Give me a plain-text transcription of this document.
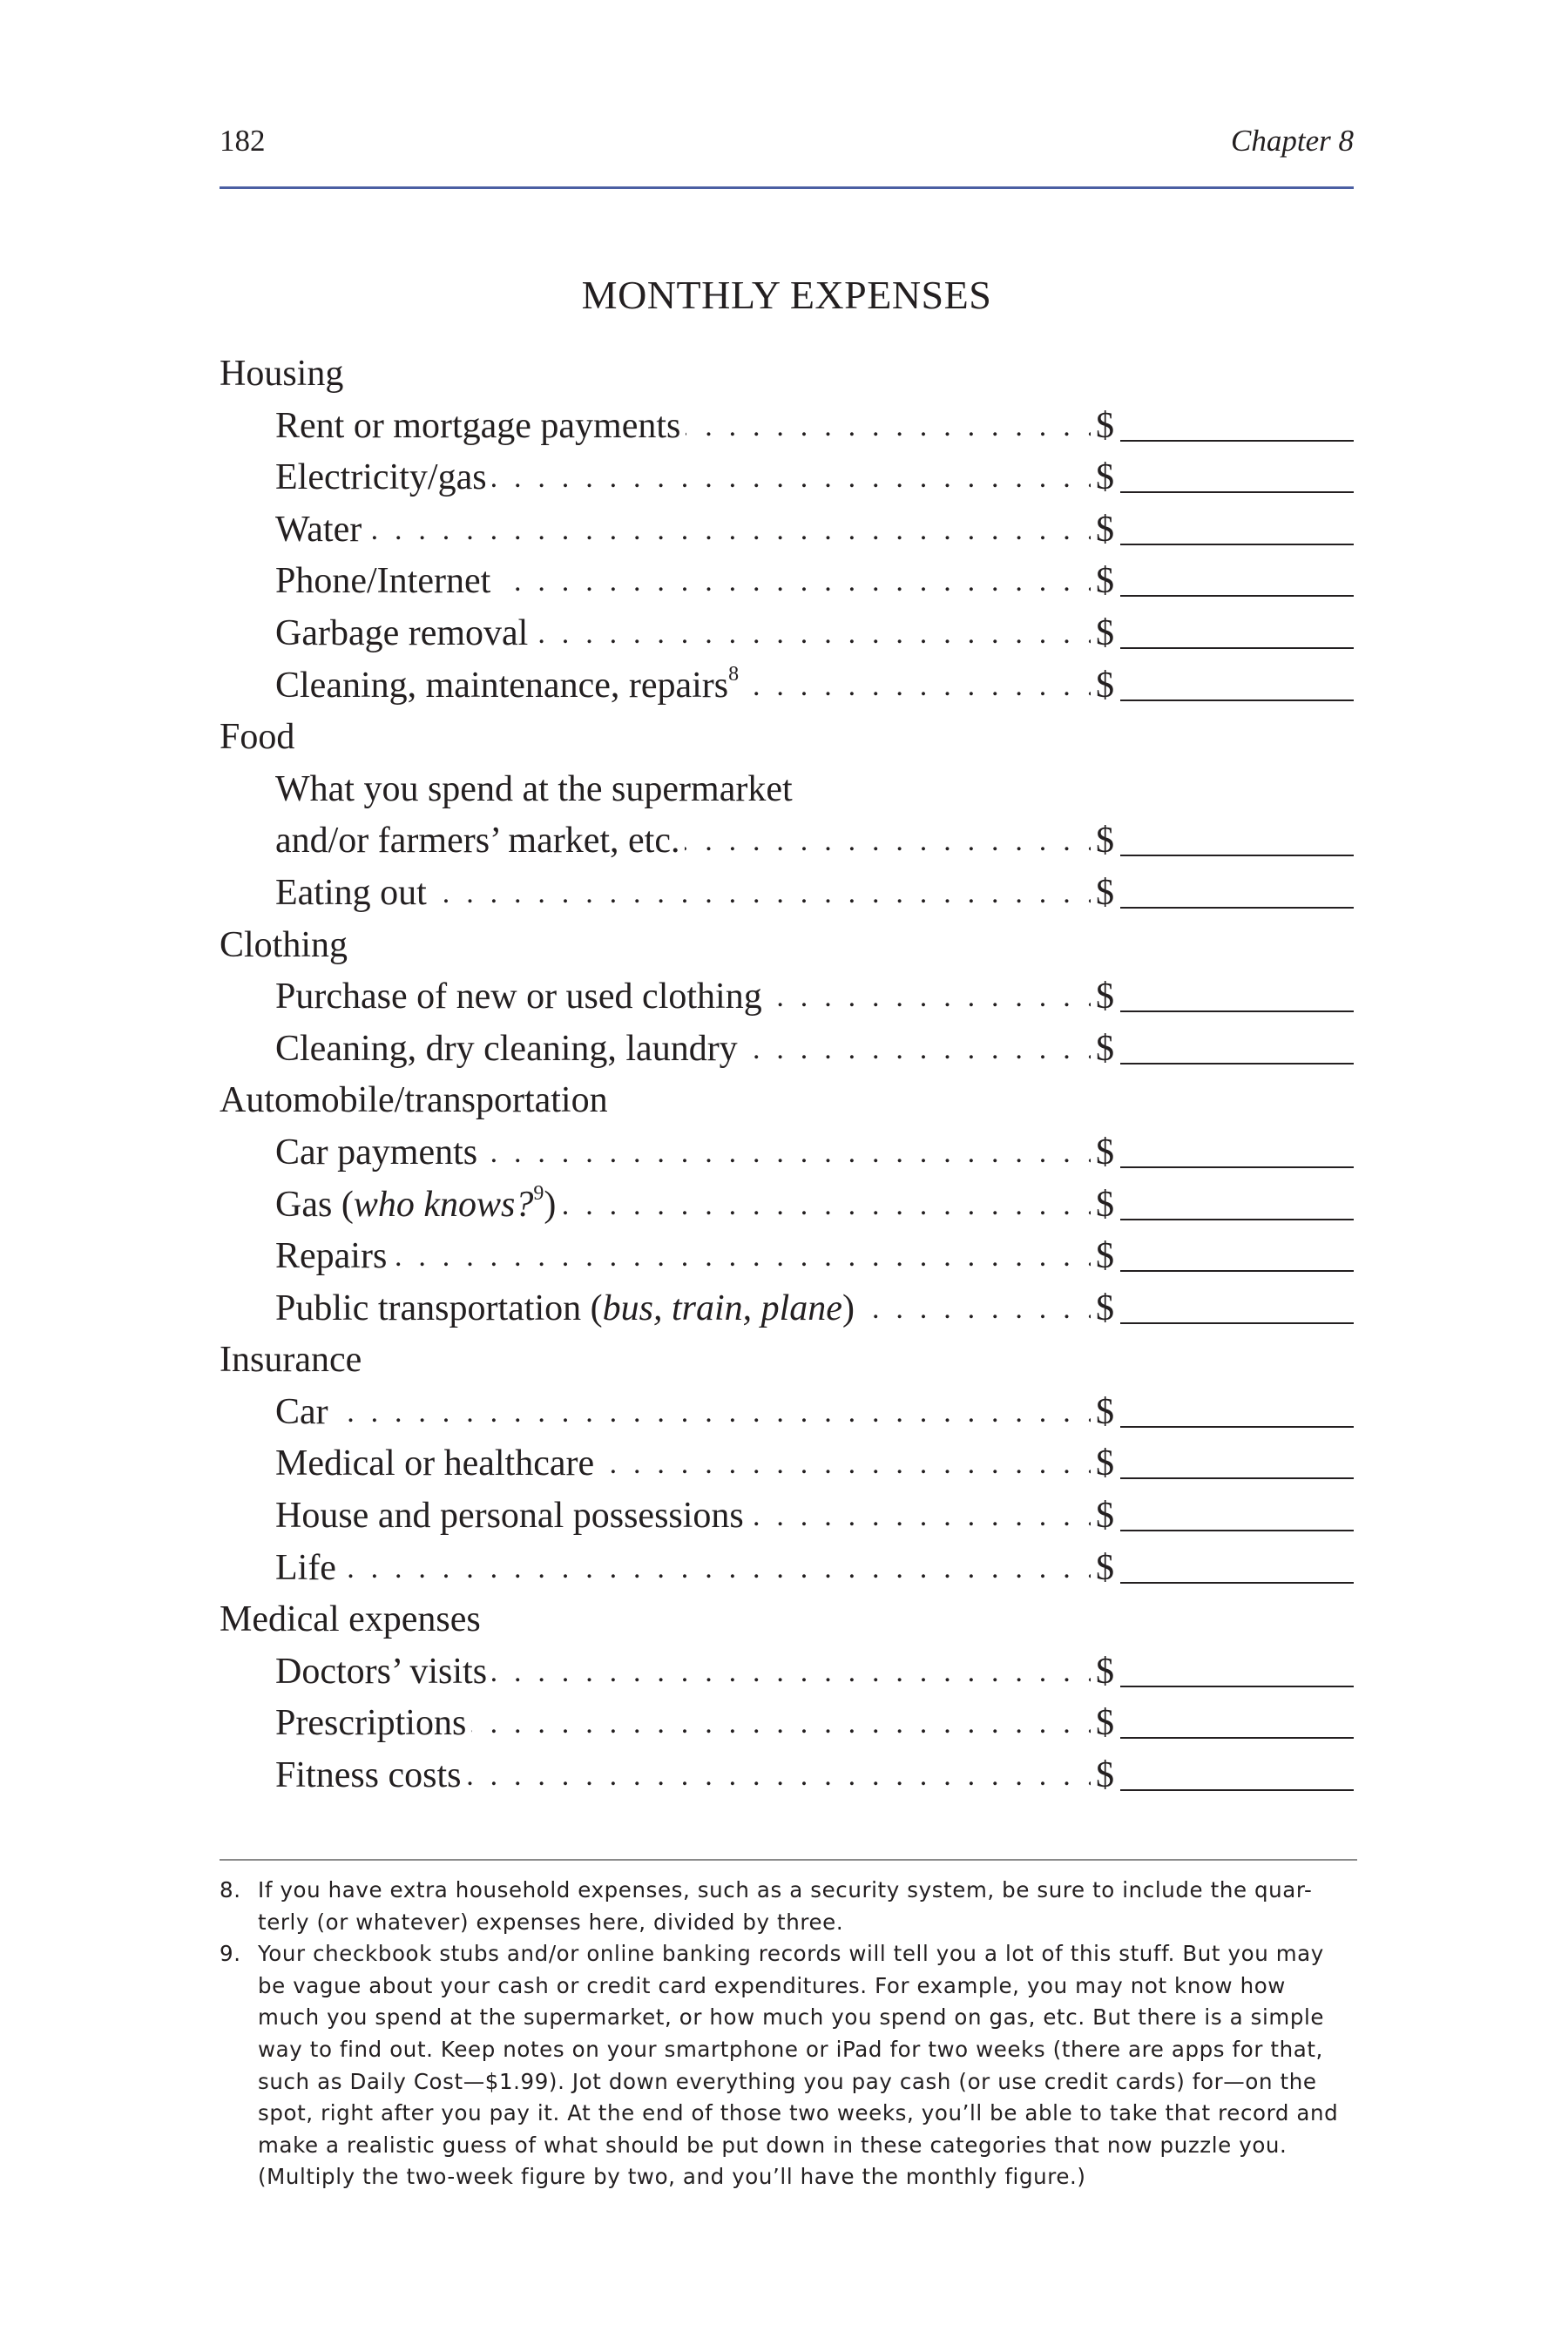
182	Chapter 8
MONTHLY EXPENSES
Housing
Rent or mortgage payments . . .	$
Electricity/gas . . .	$
Water . . .	$
Phone/Internet . . .	$
Garbage removal . . .	$
Cleaning, maintenance, repairs$^8$ . . .	$
Food
What you spend at the supermarket
and/or farmers’ market, etc. . . .	$
Eating out . . .	$
Clothing
Purchase of new or used clothing . . .	$
Cleaning, dry cleaning, laundry . . .	$
Automobile/transportation
Car payments . . .	$
Gas (who knows?$^9$) . . .	$
Repairs . . .	$
Public transportation (bus, train, plane) . . .	$
Insurance
Car . . .	$
Medical or healthcare . . .	$
House and personal possessions . . .	$
Life . . .	$
Medical expenses
Doctors’ visits . . .	$
Prescriptions . . .	$
Fitness costs . . .	$
8. If you have extra household expenses, such as a security system, be sure to include the quar-
terly (or whatever) expenses here, divided by three.
9. Your checkbook stubs and/or online banking records will tell you a lot of this stuff. But you may
be vague about your cash or credit card expenditures. For example, you may not know how
much you spend at the supermarket, or how much you spend on gas, etc. But there is a simple
way to find out. Keep notes on your smartphone or iPad for two weeks (there are apps for that,
such as Daily Cost—$1.99). Jot down everything you pay cash (or use credit cards) for—on the
spot, right after you pay it. At the end of those two weeks, you’ll be able to take that record and
make a realistic guess of what should be put down in these categories that now puzzle you.
(Multiply the two-week figure by two, and you’ll have the monthly figure.)
